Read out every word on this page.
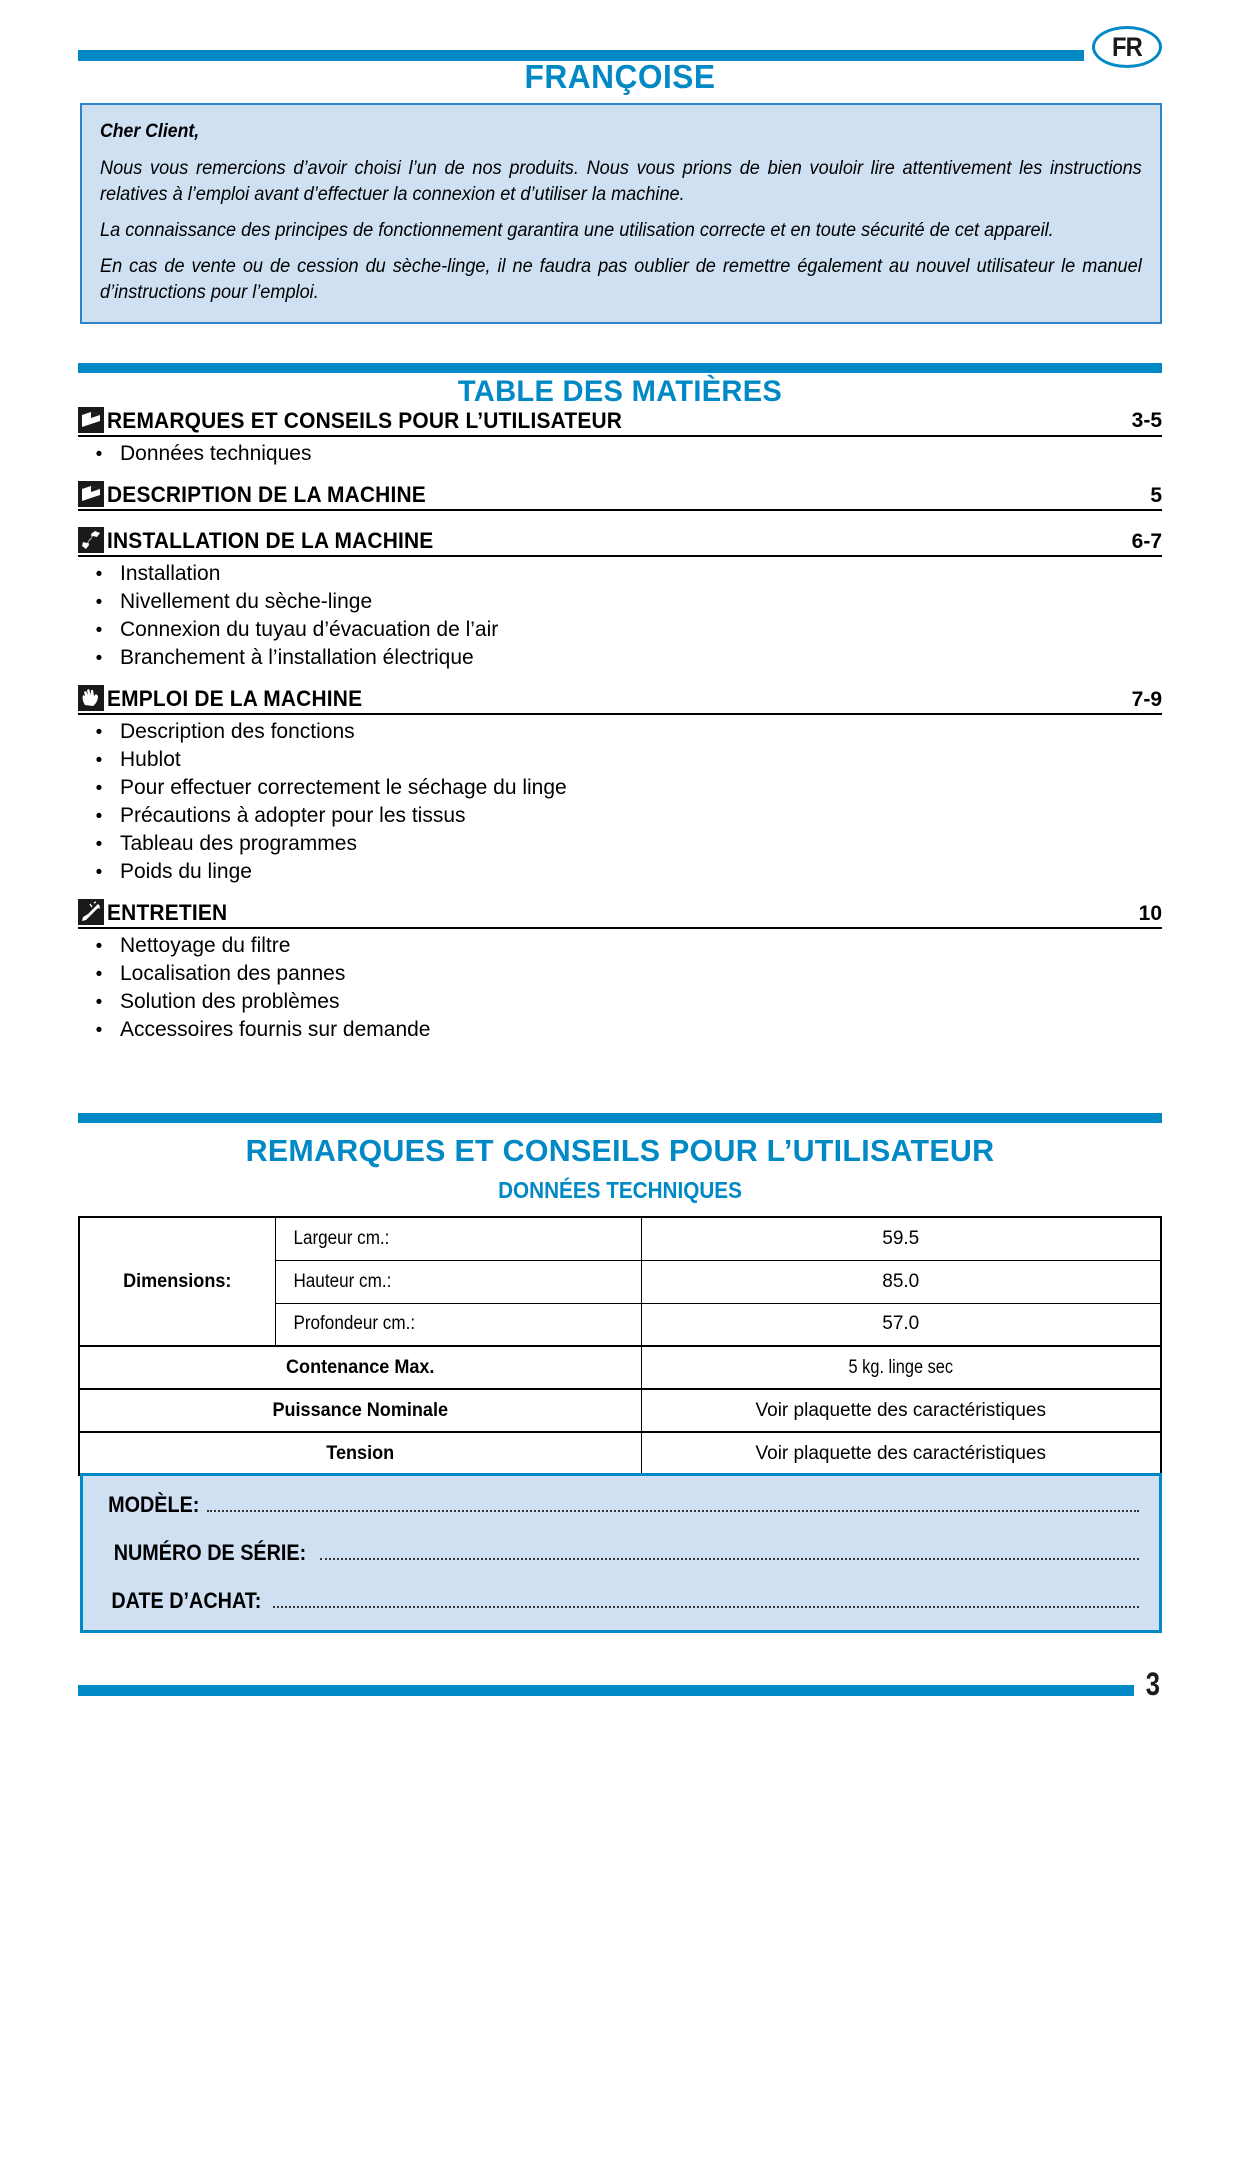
FR
FRANÇOISE

Cher Client,

Nous vous remercions d’avoir choisi l’un de nos produits. Nous vous prions de bien vouloir lire attentivement les instructions relatives à l’emploi avant d’effectuer la connexion et d’utiliser la machine.

La connaissance des principes de fonctionnement garantira une utilisation correcte et en toute sécurité de cet appareil.

En cas de vente ou de cession du sèche-linge, il ne faudra pas oublier de remettre également au nouvel utilisateur le manuel d’instructions pour l’emploi.

TABLE DES MATIÈRES
REMARQUES ET CONSEILS POUR L’UTILISATEUR	3-5
• Données techniques
DESCRIPTION DE LA MACHINE	5
INSTALLATION DE LA MACHINE	6-7
• Installation
• Nivellement du sèche-linge
• Connexion du tuyau d’évacuation de l’air
• Branchement à l’installation électrique
EMPLOI DE LA MACHINE	7-9
• Description des fonctions
• Hublot
• Pour effectuer correctement le séchage du linge
• Précautions à adopter pour les tissus
• Tableau des programmes
• Poids du linge
ENTRETIEN	10
• Nettoyage du filtre
• Localisation des pannes
• Solution des problèmes
• Accessoires fournis sur demande
REMARQUES ET CONSEILS POUR L’UTILISATEUR
DONNÉES TECHNIQUES
Dimensions:	Largeur cm.:	59.5
	Hauteur cm.:	85.0
	Profondeur cm.:	57.0
Contenance Max.		5 kg. linge sec
Puissance Nominale		Voir plaquette des caractéristiques
Tension		Voir plaquette des caractéristiques
MODÈLE:
NUMÉRO DE SÉRIE:
DATE D’ACHAT:
3
